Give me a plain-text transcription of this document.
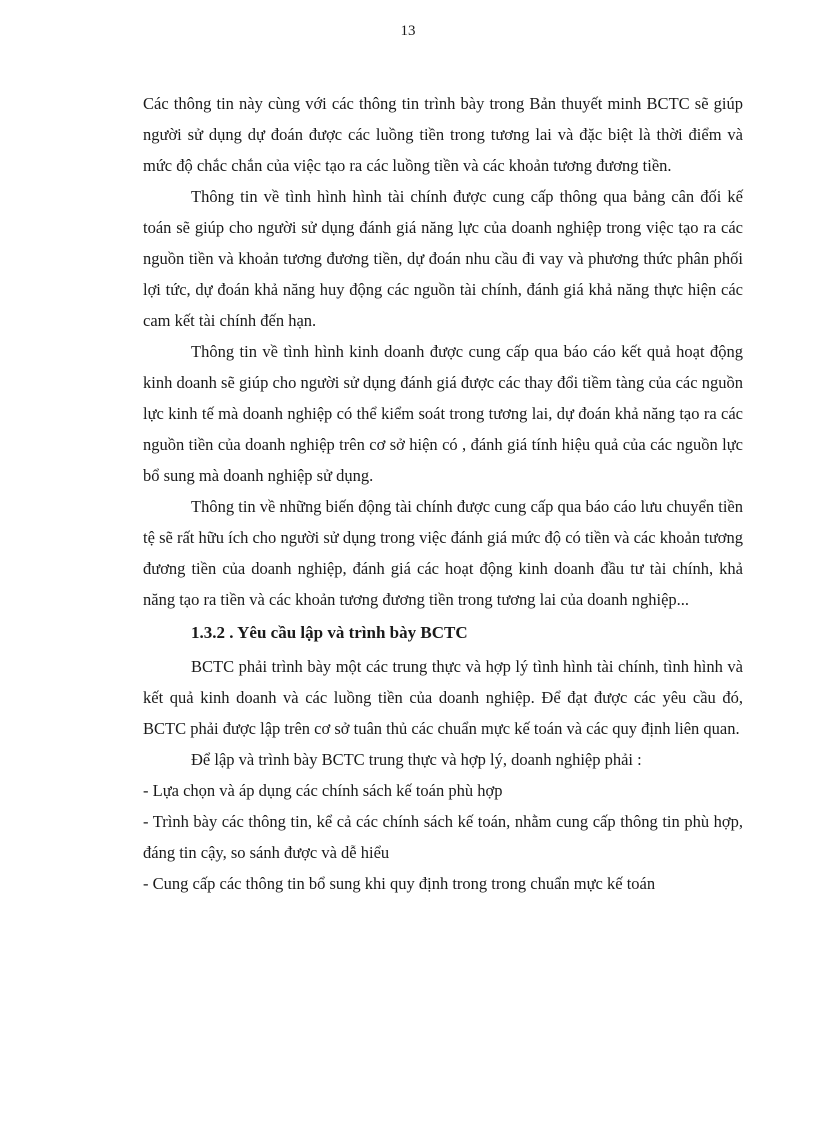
13

Các thông tin này cùng với các thông tin trình bày trong Bản thuyết minh BCTC sẽ giúp người sử dụng dự đoán được các luồng tiền trong tương lai và đặc biệt là thời điểm và mức độ chắc chắn của việc tạo ra các luồng tiền và các khoản tương đương tiền.

Thông tin về tình hình hình tài chính được cung cấp thông qua bảng cân đối kế toán sẽ giúp cho người sử dụng đánh giá năng lực của doanh nghiệp trong việc tạo ra các nguồn tiền và khoản tương đương tiền, dự đoán nhu cầu đi vay và phương thức phân phối lợi tức, dự đoán khả năng huy động các nguồn tài chính, đánh giá khả năng thực hiện các cam kết tài chính đến hạn.

Thông tin về tình hình kinh doanh được cung cấp qua báo cáo kết quả hoạt động kinh doanh sẽ giúp cho người sử dụng đánh giá được các thay đổi tiềm tàng của các nguồn lực kinh tế mà doanh nghiệp có thể kiểm soát trong tương lai, dự đoán khả năng tạo ra các nguồn tiền của doanh nghiệp trên cơ sở hiện có , đánh giá tính hiệu quả của các nguồn lực bổ sung mà doanh nghiệp sử dụng.

Thông tin về những biến động tài chính được cung cấp qua báo cáo lưu chuyển tiền tệ sẽ rất hữu ích cho người sử dụng trong việc đánh giá mức độ có tiền và các khoản tương đương tiền của doanh nghiệp, đánh giá các hoạt động kinh doanh đầu tư tài chính, khả năng tạo ra tiền và các khoản tương đương tiền trong tương lai của doanh nghiệp...

1.3.2 . Yêu cầu lập và trình bày BCTC

BCTC phải trình bày một các trung thực và hợp lý tình hình tài chính, tình hình và kết quả kinh doanh và các luồng tiền của doanh nghiệp. Để đạt được các yêu cầu đó, BCTC phải được lập trên cơ sở tuân thủ các chuẩn mực kế toán và các quy định liên quan.

Để lập và trình bày BCTC trung thực và hợp lý, doanh nghiệp phải :

- Lựa chọn và áp dụng các chính sách kế toán phù hợp

- Trình bày các thông tin, kể cả các chính sách kế toán, nhằm cung cấp thông tin phù hợp, đáng tin cậy, so sánh được và dễ hiểu

- Cung cấp các thông tin bổ sung khi quy định trong trong chuẩn mực kế toán
